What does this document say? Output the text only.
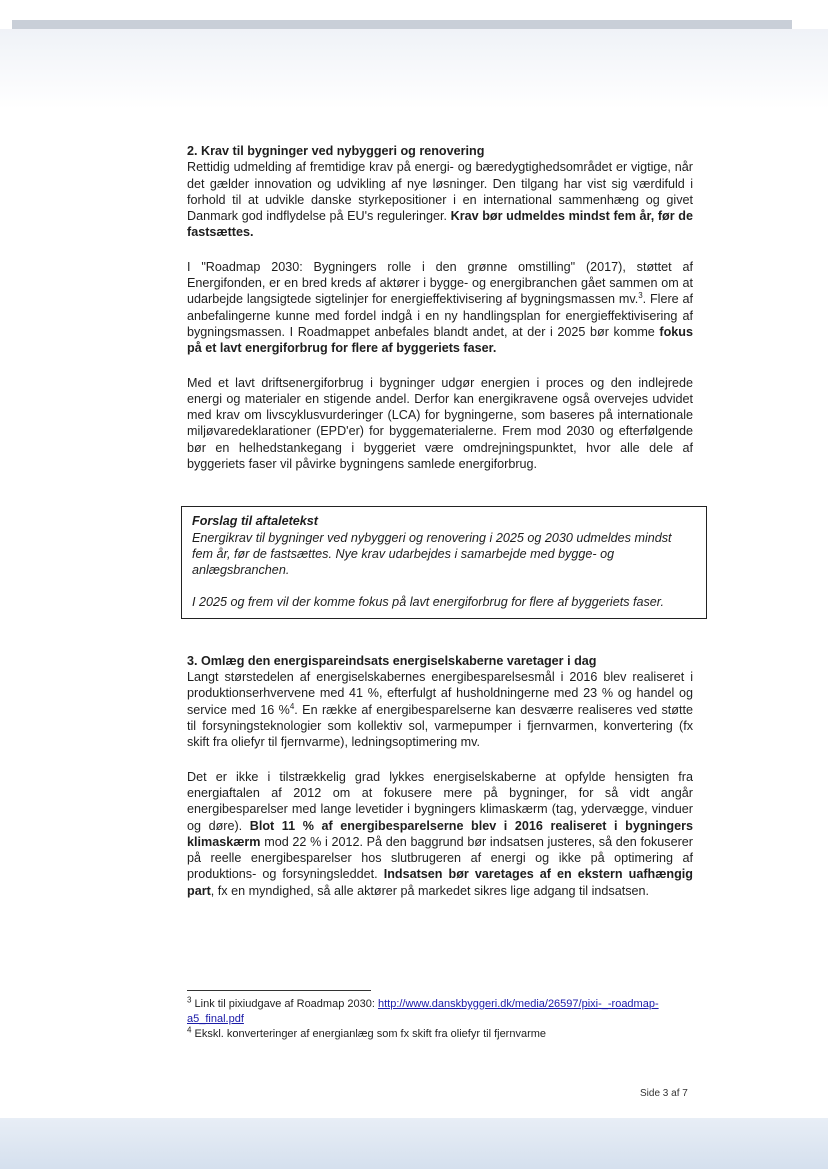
2. Krav til bygninger ved nybyggeri og renovering

Rettidig udmelding af fremtidige krav på energi- og bæredygtighedsområdet er vigtige, når det gælder innovation og udvikling af nye løsninger. Den tilgang har vist sig værdifuld i forhold til at udvikle danske styrkepositioner i en international sammenhæng og givet Danmark god indflydelse på EU's reguleringer. Krav bør udmeldes mindst fem år, før de fastsættes.

I "Roadmap 2030: Bygningers rolle i den grønne omstilling" (2017), støttet af Energifonden, er en bred kreds af aktører i bygge- og energibranchen gået sammen om at udarbejde langsigtede sigtelinjer for energieffektivisering af bygningsmassen mv.$^3$. Flere af anbefalingerne kunne med fordel indgå i en ny handlingsplan for energieffektivisering af bygningsmassen. I Roadmappet anbefales blandt andet, at der i 2025 bør komme fokus på et lavt energiforbrug for flere af byggeriets faser.

Med et lavt driftsenergiforbrug i bygninger udgør energien i proces og den indlejrede energi og materialer en stigende andel. Derfor kan energikravene også overvejes udvidet med krav om livscyklusvurderinger (LCA) for bygningerne, som baseres på internationale miljøvaredeklarationer (EPD'er) for byggematerialerne. Frem mod 2030 og efterfølgende bør en helhedstankegang i byggeriet være omdrejningspunktet, hvor alle dele af byggeriets faser vil påvirke bygningens samlede energiforbrug.

Forslag til aftaletekst

Energikrav til bygninger ved nybyggeri og renovering i 2025 og 2030 udmeldes mindst fem år, før de fastsættes. Nye krav udarbejdes i samarbejde med bygge- og anlægsbranchen.

I 2025 og frem vil der komme fokus på lavt energiforbrug for flere af byggeriets faser.

3. Omlæg den energispareindsats energiselskaberne varetager i dag

Langt størstedelen af energiselskabernes energibesparelsesmål i 2016 blev realiseret i produktionserhvervene med 41 %, efterfulgt af husholdningerne med 23 % og handel og service med 16 %$^4$. En række af energibesparelserne kan desværre realiseres ved støtte til forsyningsteknologier som kollektiv sol, varmepumper i fjernvarmen, konvertering (fx skift fra oliefyr til fjernvarme), ledningsoptimering mv.

Det er ikke i tilstrækkelig grad lykkes energiselskaberne at opfylde hensigten fra energiaftalen af 2012 om at fokusere mere på bygninger, for så vidt angår energibesparelser med lange levetider i bygningers klimaskærm (tag, ydervægge, vinduer og døre). Blot 11 % af energibesparelserne blev i 2016 realiseret i bygningers klimaskærm mod 22 % i 2012. På den baggrund bør indsatsen justeres, så den fokuserer på reelle energibesparelser hos slutbrugeren af energi og ikke på optimering af produktions- og forsyningsleddet. Indsatsen bør varetages af en ekstern uafhængig part, fx en myndighed, så alle aktører på markedet sikres lige adgang til indsatsen.

$^3$ Link til pixiudgave af Roadmap 2030: http://www.danskbyggeri.dk/media/26597/pixi-_-roadmap-a5_final.pdf
$^4$ Ekskl. konverteringer af energianlæg som fx skift fra oliefyr til fjernvarme
Side 3 af 7
